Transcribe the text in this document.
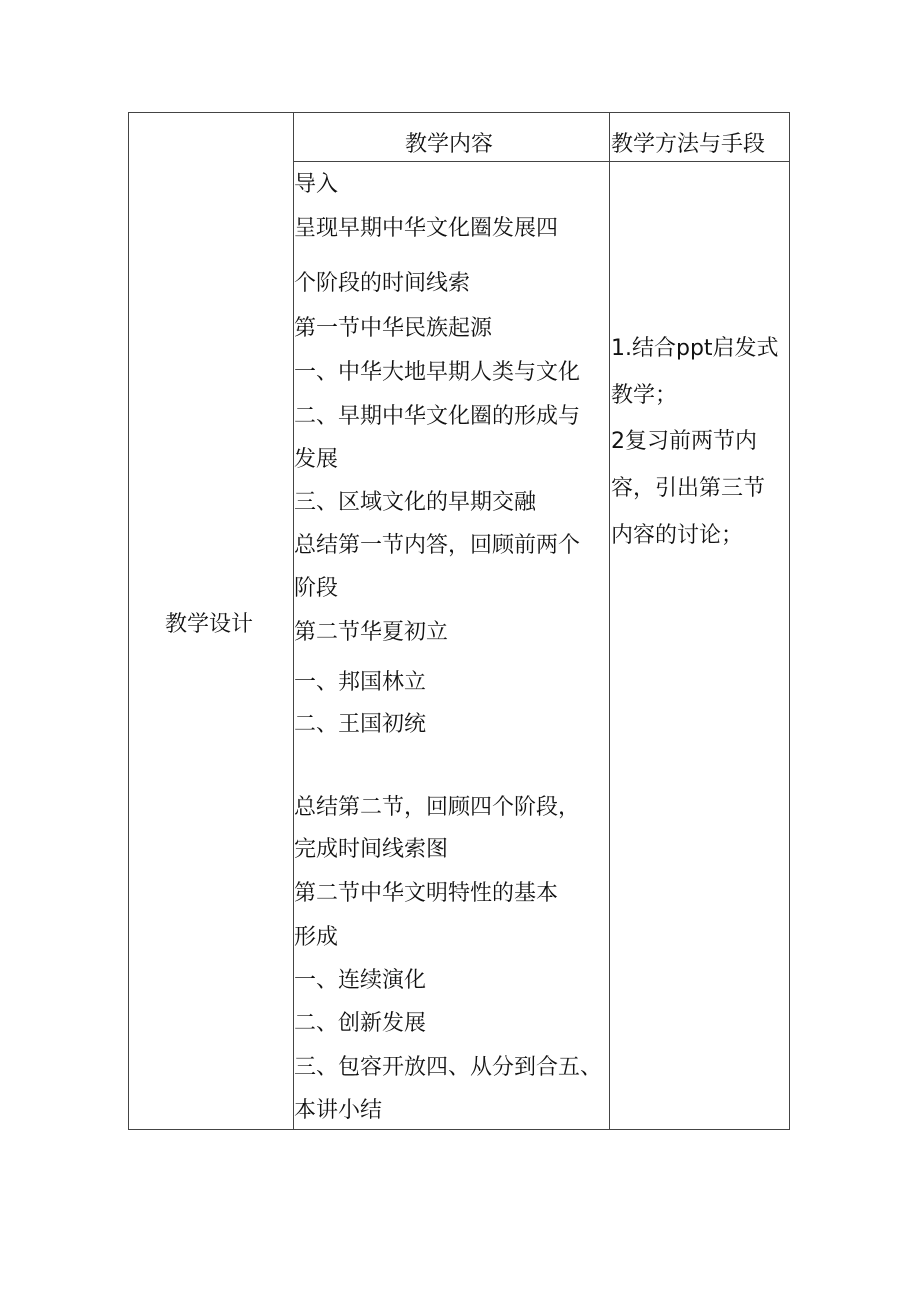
教学内容	教学方法与手段
教学设计
导入
呈现早期中华文化圈发展四
个阶段的时间线索
第一节中华民族起源
一、中华大地早期人类与文化
二、早期中华文化圈的形成与
发展
三、区域文化的早期交融
总结第一节内答，回顾前两个
阶段
第二节华夏初立
一、邦国林立
二、王国初统
总结第二节，回顾四个阶段，
完成时间线索图
第二节中华文明特性的基本
形成
一、连续演化
二、创新发展
三、包容开放四、从分到合五、
本讲小结
1.结合ppt启发式
教学；
2复习前两节内
容，引出第三节
内容的讨论；
